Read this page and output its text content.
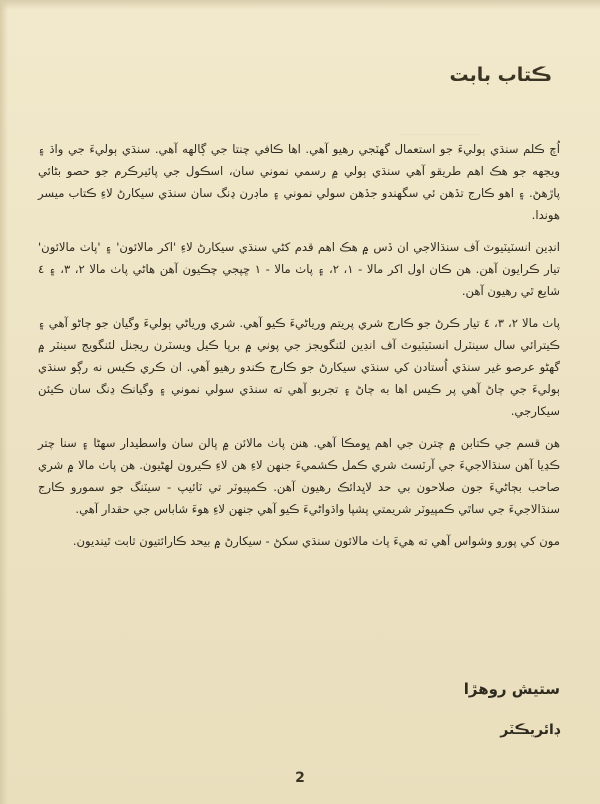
ڪتاب بابت

اُچ ڪلم سنڌي ٻوليءَ جو استعمال گهٽجي رهيو آهي. اها ڪافي چنتا جي ڳالهه آهي. سنڌي ٻوليءَ جي واڌ ۽ ويجهه جو هڪ اهم طريقو آهي سنڌي ٻولي ۾ رسمي نموني سان، اسڪول جي پائيرڪرم جو حصو بڻائي پاڙهڻ. ۽ اهو ڪارج تڏهن ئي سگهندو جڏهن سولي نموني ۽ ماڊرن ڍنگ سان سنڌي سيکارڻ لاءِ ڪتاب ميسر هوندا.

انڊين انسٽيٽيوٽ آف سنڌالاجي ان ڏس ۾ هڪ اهم قدم کڻي سنڌي سيکارڻ لاءِ 'اکر مالائون' ۽ 'پاٺ مالائون' تيار ڪرايون آهن. هن ڪان اول اکر مالا - ١، ٢، ۽ پاٺ مالا - ١ ڇپجي چڪيون آهن هاڻي پاٺ مالا ٢، ٣، ۽ ٤ شايع ٿي رهيون آهن.

پاٺ مالا ٢، ٣، ٤ تيار ڪرڻ جو ڪارج شري پريتم ورياڻيءَ ڪيو آهي. شري ورياڻي ٻوليءَ وگيان جو ڄاڻو آهي ۽ ڪيترائي سال سينٽرل انسٽيٽيوٽ آف انڊين لئنگويجز جي پوني ۾ برپا ڪيل ويسٽرن ريجنل لئنگويج سينٽر ۾ گهڻو عرصو غير سنڌي اُستادن کي سنڌي سيکارڻ جو ڪارج ڪندو رهيو آهي. ان ڪري ڪيس نه رڳو سنڌي ٻوليءَ جي ڄاڻ آهي پر ڪيس اها به ڄاڻ ۽ تجربو آهي ته سنڌي سولي نموني ۽ وگيانڪ ڍنگ سان ڪيئن سيکارجي.

هن قسم جي ڪتابن ۾ چترن جي اهم ڀومڪا آهي. هنن پاٺ مالائن ۾ پالن سان واسطيدار سھڻا ۽ سنا چتر ڪڍيا آهن سنڌالاجيءَ جي آرٽسٽ شري ڪمل ڪشمي‌ءَ جنهن لاءِ هن لاءِ ڪيرون لهڻيون. هن پاٺ مالا ۾ شري صاحب بڄاڻيءَ جون صلاحون بي حد لاڀدائڪ رهيون آهن. ڪمپيوٽر تي ٽائيپ - سيٽنگ جو سمورو ڪارج سنڌالاجيءَ جي ساٿي ڪمپيوٽر شريمتي پشپا واڌواڻيءَ ڪيو آهي جنهن لاءِ هوءَ شاباس جي حقدار آهي.

مون کي پورو وشواس آهي ته هيءَ پاٺ مالائون سنڌي سکڻ - سيکارڻ ۾ بيحد ڪارائتيون ثابت ٿينديون.

ستيش روهڙا
ڊائريڪٽر
2
